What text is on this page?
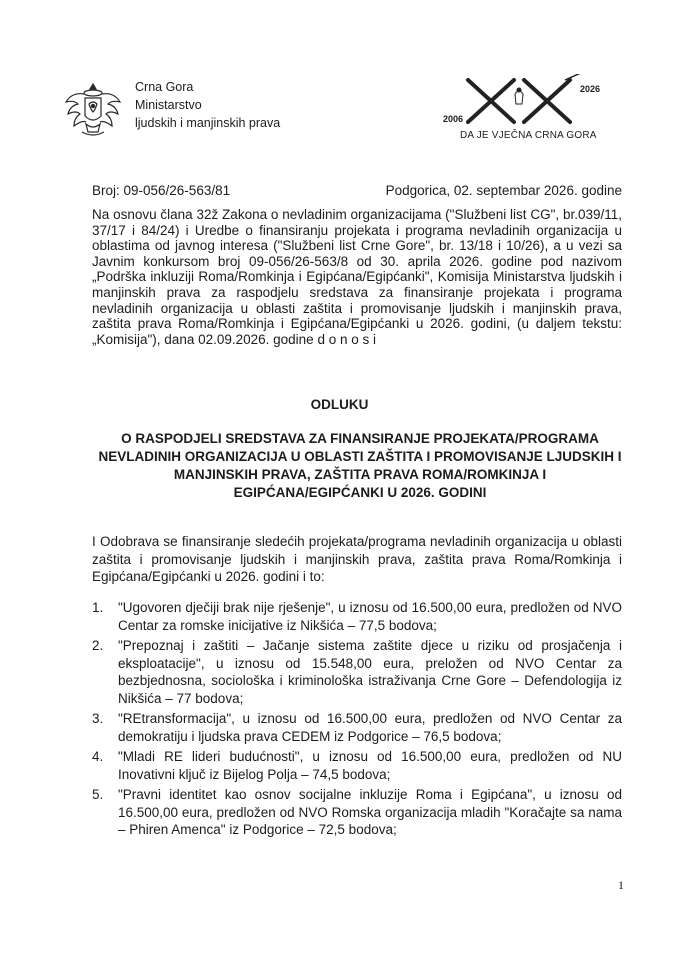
Crna Gora
Ministarstvo
ljudskih i manjinskih prava	2006
2026
DA JE VJEČNA CRNA GORA
Broj: 09-056/26-563/81	Podgorica, 02. septembar 2026. godine
Na osnovu člana 32ž Zakona o nevladinim organizacijama ("Službeni list CG", br.039/11, 37/17 i 84/24) i Uredbe o finansiranju projekata i programa nevladinih organizacija u oblastima od javnog interesa ("Službeni list Crne Gore", br. 13/18 i 10/26), a u vezi sa Javnim konkursom broj 09-056/26-563/8 od 30. aprila 2026. godine pod nazivom „Podrška inkluziji Roma/Romkinja i Egipćana/Egipćanki", Komisija Ministarstva ljudskih i manjinskih prava za raspodjelu sredstava za finansiranje projekata i programa nevladinih organizacija u oblasti zaštita i promovisanje ljudskih i manjinskih prava, zaštita prava Roma/Romkinja i Egipćana/Egipćanki u 2026. godini, (u daljem tekstu: „Komisija"), dana 02.09.2026. godine d o n o s i
ODLUKU
O RASPODJELI SREDSTAVA ZA FINANSIRANJE PROJEKATA/PROGRAMA
NEVLADINIH ORGANIZACIJA U OBLASTI ZAŠTITA I PROMOVISANJE LJUDSKIH I
MANJINSKIH PRAVA, ZAŠTITA PRAVA ROMA/ROMKINJA I
EGIPĆANA/EGIPĆANKI U 2026. GODINI
I Odobrava se finansiranje sledećih projekata/programa nevladinih organizacija u oblasti zaštita i promovisanje ljudskih i manjinskih prava, zaštita prava Roma/Romkinja i Egipćana/Egipćanki u 2026. godini i to:
1. "Ugovoren dječiji brak nije rješenje", u iznosu od 16.500,00 eura, predložen od NVO Centar za romske inicijative iz Nikšića – 77,5 bodova;
2. "Prepoznaj i zaštiti – Jačanje sistema zaštite djece u riziku od prosjačenja i eksploatacije", u iznosu od 15.548,00 eura, preložen od NVO Centar za bezbjednosna, sociološka i kriminološka istraživanja Crne Gore – Defendologija iz Nikšića – 77 bodova;
3. "REtransformacija", u iznosu od 16.500,00 eura, predložen od NVO Centar za demokratiju i ljudska prava CEDEM iz Podgorice – 76,5 bodova;
4. "Mladi RE lideri budućnosti", u iznosu od 16.500,00 eura, predložen od NU Inovativni ključ iz Bijelog Polja – 74,5 bodova;
5. "Pravni identitet kao osnov socijalne inkluzije Roma i Egipćana", u iznosu od 16.500,00 eura, predložen od NVO Romska organizacija mladih "Koračajte sa nama – Phiren Amenca" iz Podgorice – 72,5 bodova;
1
